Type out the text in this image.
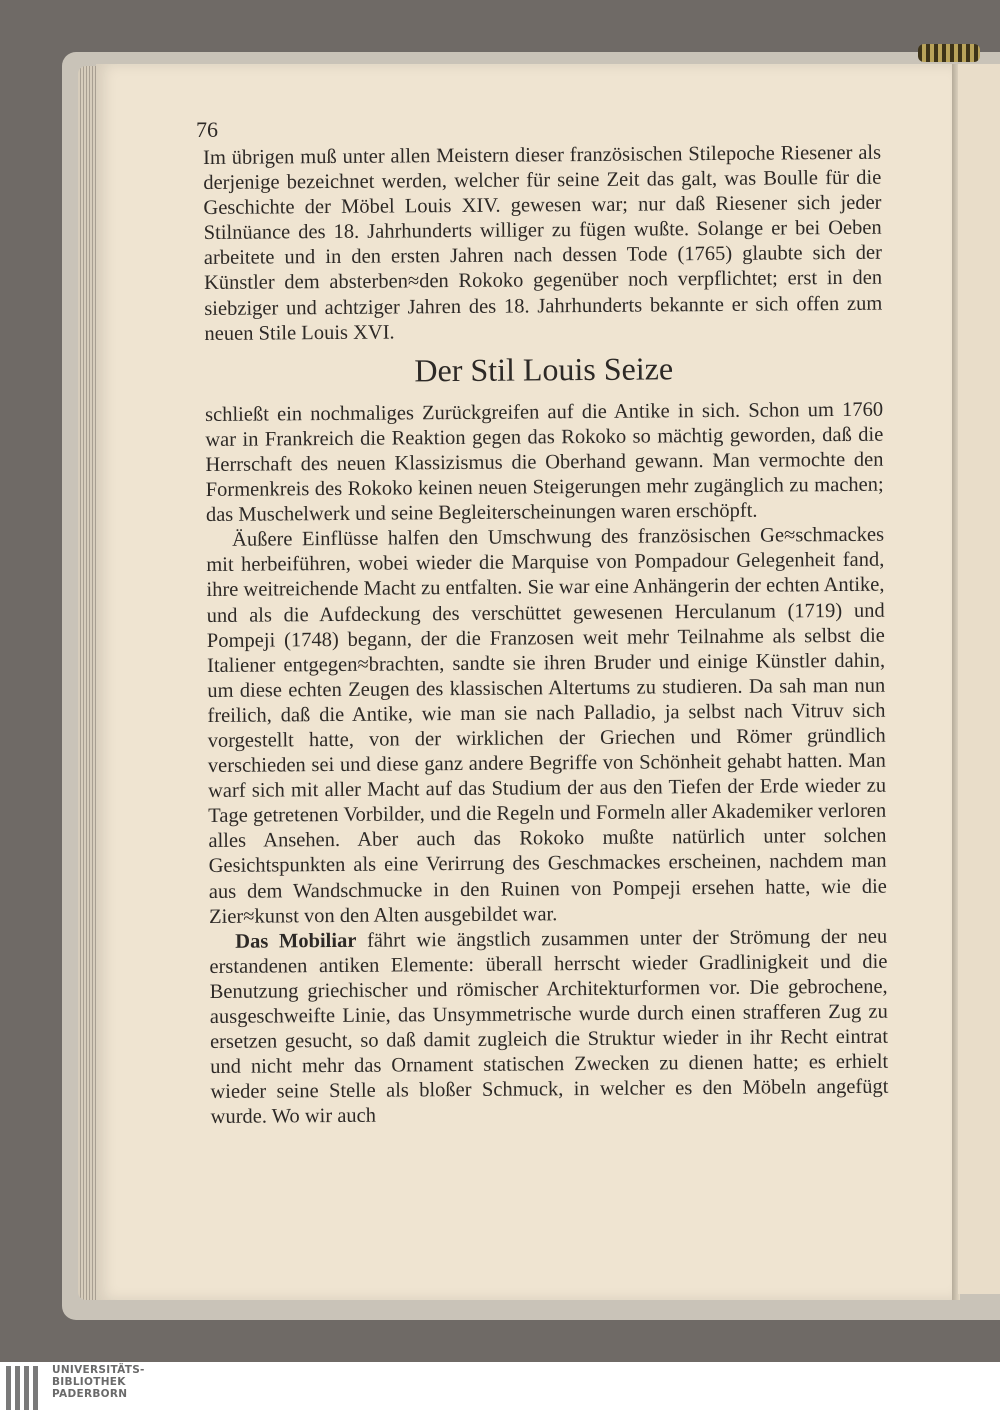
76

Im übrigen muß unter allen Meistern dieser französischen Stilepoche Riesener als derjenige bezeichnet werden, welcher für seine Zeit das galt, was Boulle für die Geschichte der Möbel Louis XIV. gewesen war; nur daß Riesener sich jeder Stilnüance des 18. Jahrhunderts williger zu fügen wußte. Solange er bei Oeben arbeitete und in den ersten Jahren nach dessen Tode (1765) glaubte sich der Künstler dem absterben≈den Rokoko gegenüber noch verpflichtet; erst in den siebziger und achtziger Jahren des 18. Jahrhunderts bekannte er sich offen zum neuen Stile Louis XVI.

Der Stil Louis Seize

schließt ein nochmaliges Zurückgreifen auf die Antike in sich. Schon um 1760 war in Frankreich die Reaktion gegen das Rokoko so mächtig geworden, daß die Herrschaft des neuen Klassizismus die Oberhand gewann. Man vermochte den Formenkreis des Rokoko keinen neuen Steigerungen mehr zugänglich zu machen; das Muschelwerk und seine Begleiterscheinungen waren erschöpft.

Äußere Einflüsse halfen den Umschwung des französischen Ge≈schmackes mit herbeiführen, wobei wieder die Marquise von Pompadour Gelegenheit fand, ihre weitreichende Macht zu entfalten. Sie war eine Anhängerin der echten Antike, und als die Aufdeckung des verschüttet gewesenen Herculanum (1719) und Pompeji (1748) begann, der die Franzosen weit mehr Teilnahme als selbst die Italiener entgegen≈brachten, sandte sie ihren Bruder und einige Künstler dahin, um diese echten Zeugen des klassischen Altertums zu studieren. Da sah man nun freilich, daß die Antike, wie man sie nach Palladio, ja selbst nach Vitruv sich vorgestellt hatte, von der wirklichen der Griechen und Römer gründlich verschieden sei und diese ganz andere Begriffe von Schönheit gehabt hatten. Man warf sich mit aller Macht auf das Studium der aus den Tiefen der Erde wieder zu Tage getretenen Vorbilder, und die Regeln und Formeln aller Akademiker verloren alles Ansehen. Aber auch das Rokoko mußte natürlich unter solchen Gesichtspunkten als eine Verirrung des Geschmackes erscheinen, nachdem man aus dem Wandschmucke in den Ruinen von Pompeji ersehen hatte, wie die Zier≈kunst von den Alten ausgebildet war.

Das Mobiliar fährt wie ängstlich zusammen unter der Strömung der neu erstandenen antiken Elemente: überall herrscht wieder Gradlinigkeit und die Benutzung griechischer und römischer Architekturformen vor. Die gebrochene, ausgeschweifte Linie, das Unsymmetrische wurde durch einen strafferen Zug zu ersetzen gesucht, so daß damit zugleich die Struktur wieder in ihr Recht eintrat und nicht mehr das Ornament statischen Zwecken zu dienen hatte; es erhielt wieder seine Stelle als bloßer Schmuck, in welcher es den Möbeln angefügt wurde. Wo wir auch

UNIVERSITÄTS-
BIBLIOTHEK
PADERBORN
